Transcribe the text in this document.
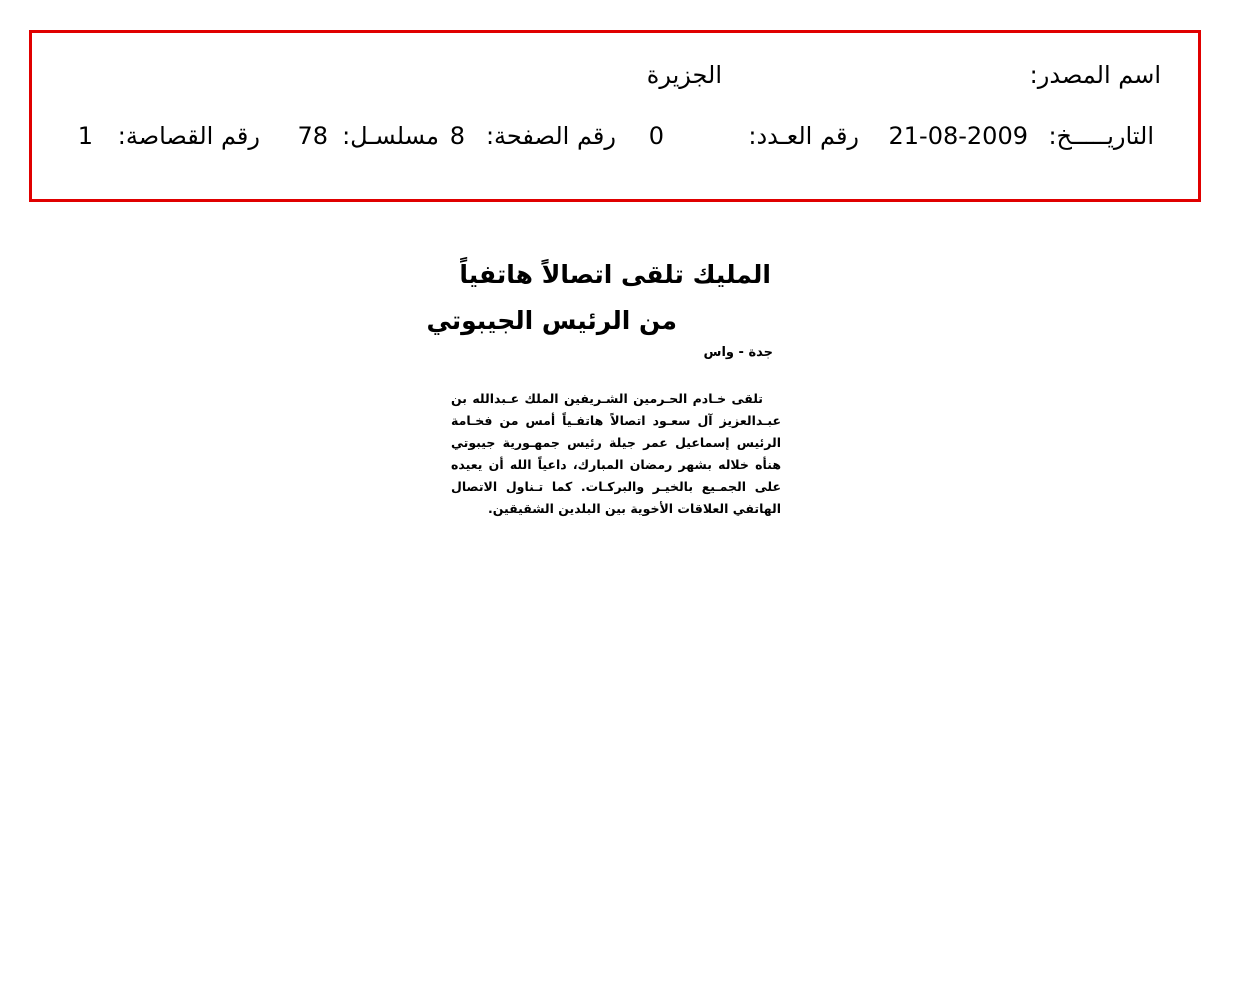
اسم المصدر:
الجزيرة
التاريـــــخ:
21-08-2009
رقم العـدد:
0
رقم الصفحة:
8
مسلسـل:
78
رقم القصاصة:
1
المليك تلقى اتصالاً هاتفياً
من الرئيس الجيبوتي
جدة - واس
تلقى خـادم الحـرمين الشـريفين الملك عـبدالله بن
عبـدالعزيز آل سعـود اتصالاً هاتفـياً أمس من فخـامة
الرئيس إسماعيل عمر جيلة رئيس جمهـورية جيبوتي
هنأه خلاله بشهر رمضان المبارك، داعياً الله أن يعيده
على الجمـيع بالخيـر والبركـات. كما تـناول الاتصال
الهاتفي العلاقات الأخوية بين البلدين الشقيقين.
